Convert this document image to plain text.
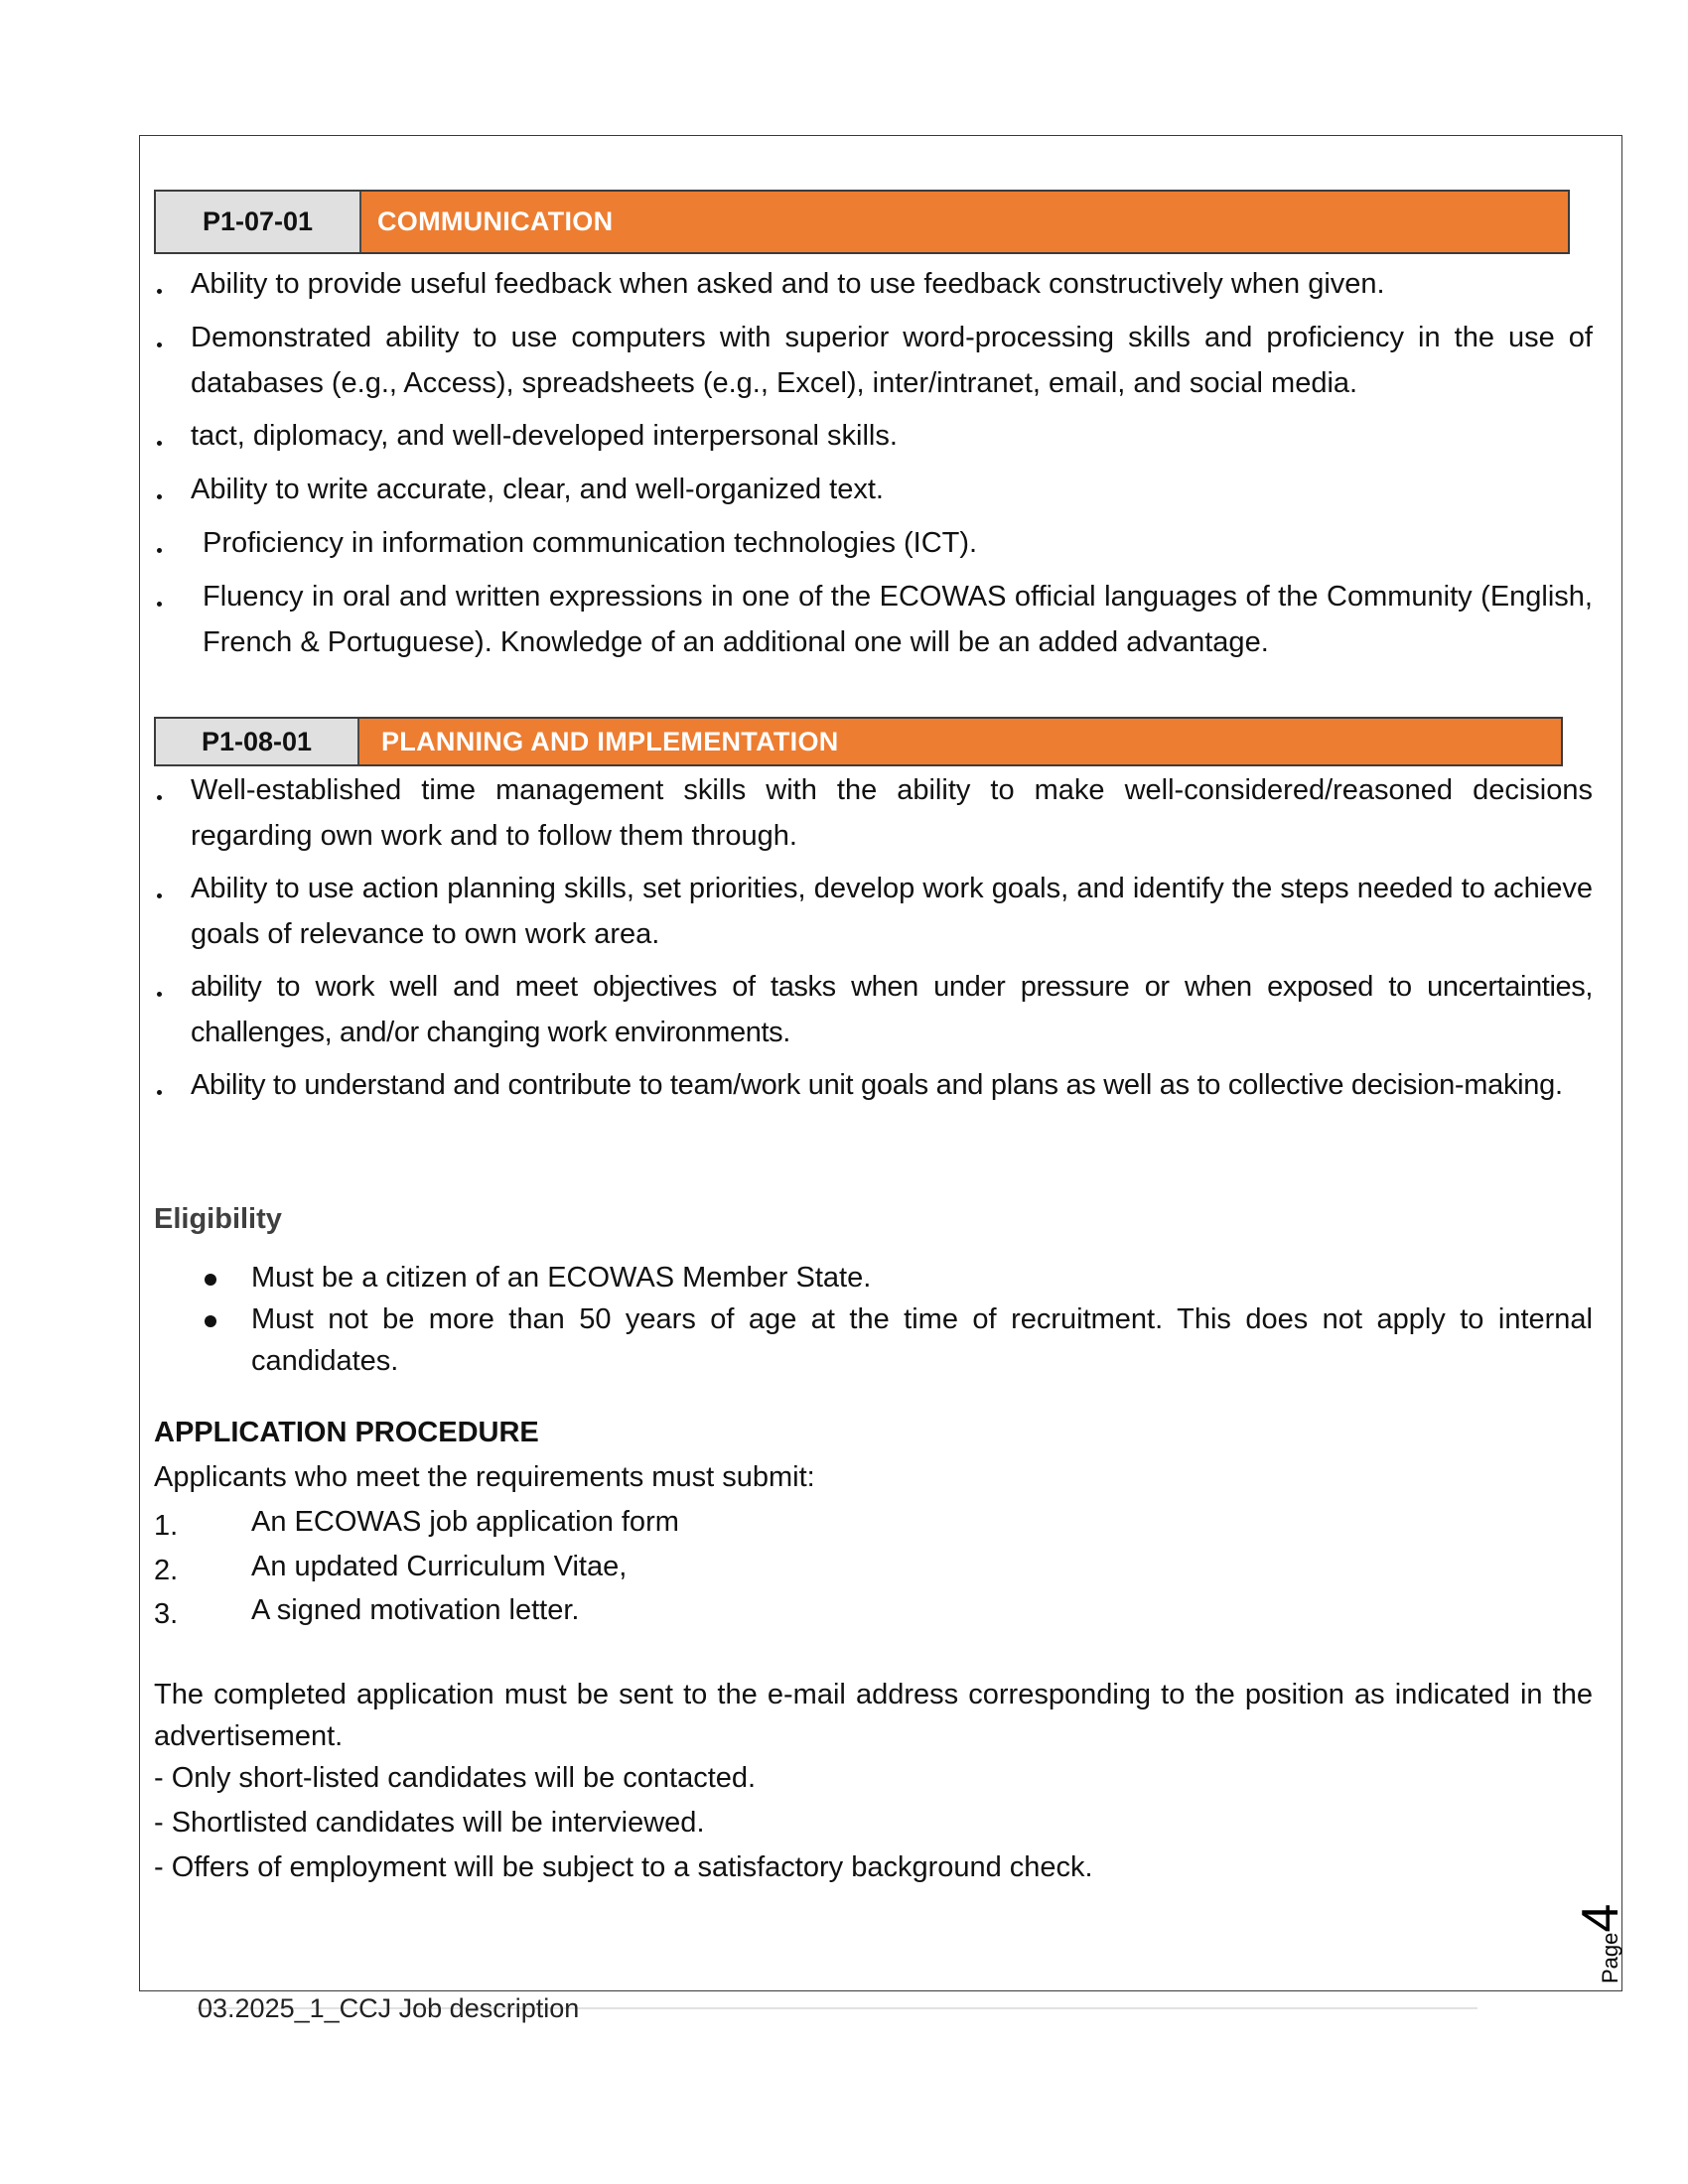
P1-07-01	COMMUNICATION
Ability to provide useful feedback when asked and to use feedback constructively when given.
Demonstrated ability to use computers with superior word-processing skills and proficiency in the use of databases (e.g., Access), spreadsheets (e.g., Excel), inter/intranet, email, and social media.
tact, diplomacy, and well-developed interpersonal skills.
Ability to write accurate, clear, and well-organized text.
Proficiency in information communication technologies (ICT).
Fluency in oral and written expressions in one of the ECOWAS official languages of the Community (English, French & Portuguese). Knowledge of an additional one will be an added advantage.
P1-08-01	PLANNING AND IMPLEMENTATION
Well-established time management skills with the ability to make well-considered/reasoned decisions regarding own work and to follow them through.
Ability to use action planning skills, set priorities, develop work goals, and identify the steps needed to achieve goals of relevance to own work area.
ability to work well and meet objectives of tasks when under pressure or when exposed to uncertainties, challenges, and/or changing work environments.
Ability to understand and contribute to team/work unit goals and plans as well as to collective decision-making.
Eligibility
Must be a citizen of an ECOWAS Member State.
Must not be more than 50 years of age at the time of recruitment. This does not apply to internal candidates.
APPLICATION PROCEDURE
Applicants who meet the requirements must submit:
1.	An ECOWAS job application form
2.	An updated Curriculum Vitae,
3.	A signed motivation letter.
The completed application must be sent to the e-mail address corresponding to the position as indicated in the advertisement.
- Only short-listed candidates will be contacted.
- Shortlisted candidates will be interviewed.
- Offers of employment will be subject to a satisfactory background check.
Page4
03.2025_1_CCJ Job description
